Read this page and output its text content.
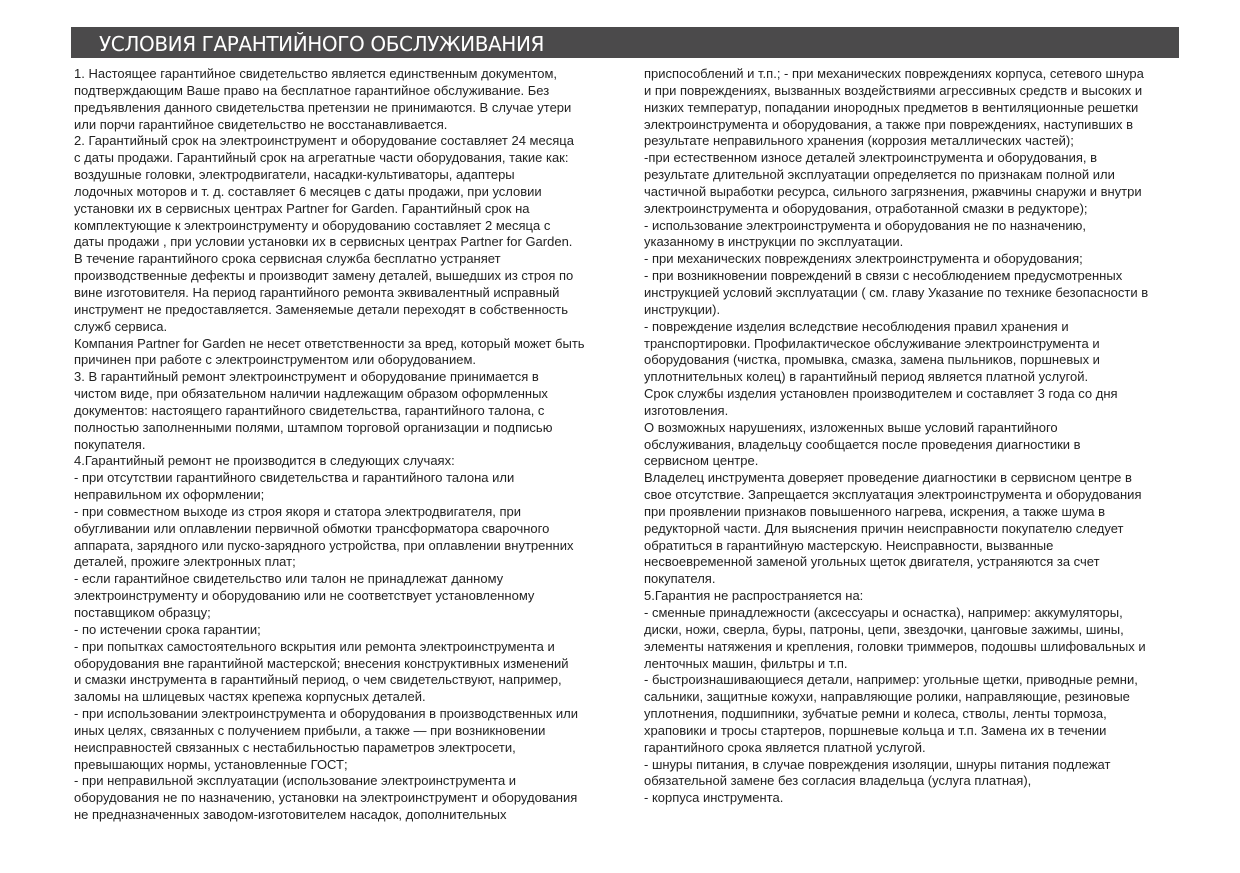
УСЛОВИЯ ГАРАНТИЙНОГО ОБСЛУЖИВАНИЯ
1. Настоящее гарантийное свидетельство является единственным документом,
подтверждающим Ваше право на бесплатное гарантийное обслуживание. Без
предъявления данного свидетельства претензии не принимаются. В случае утери
или порчи гарантийное свидетельство не восстанавливается.
2. Гарантийный срок на электроинструмент и оборудование составляет 24 месяца
с даты продажи. Гарантийный срок на агрегатные части оборудования, такие как:
воздушные головки, электродвигатели, насадки-культиваторы, адаптеры
лодочных моторов и т. д. составляет 6 месяцев с даты продажи, при условии
установки их в сервисных центрах Partner for Garden. Гарантийный срок на
комплектующие к электроинструменту и оборудованию составляет 2 месяца с
даты продажи , при условии установки их в сервисных центрах Partner for Garden.
В течение гарантийного срока сервисная служба бесплатно устраняет
производственные дефекты и производит замену деталей, вышедших из строя по
вине изготовителя. На период гарантийного ремонта эквивалентный исправный
инструмент не предоставляется. Заменяемые детали переходят в собственность
служб сервиса.
Компания Partner for Garden не несет ответственности за вред, который может быть
причинен при работе с электроинструментом или оборудованием.
3. В гарантийный ремонт электроинструмент и оборудование принимается в
чистом виде, при обязательном наличии надлежащим образом оформленных
документов: настоящего гарантийного свидетельства, гарантийного талона, с
полностью заполненными полями, штампом торговой организации и подписью
покупателя.
4.Гарантийный ремонт не производится в следующих случаях:
- при отсутствии гарантийного свидетельства и гарантийного талона или
неправильном их оформлении;
- при совместном выходе из строя якоря и статора электродвигателя, при
обугливании или оплавлении первичной обмотки трансформатора сварочного
аппарата, зарядного или пуско-зарядного устройства, при оплавлении внутренних
деталей, прожиге электронных плат;
- если гарантийное свидетельство или талон не принадлежат данному
электроинструменту и оборудованию или не соответствует установленному
поставщиком образцу;
- по истечении срока гарантии;
- при попытках самостоятельного вскрытия или ремонта электроинструмента и
оборудования вне гарантийной мастерской; внесения конструктивных изменений
и смазки инструмента в гарантийный период, о чем свидетельствуют, например,
заломы на шлицевых частях крепежа корпусных деталей.
- при использовании электроинструмента и оборудования в производственных или
иных целях, связанных с получением прибыли, а также — при возникновении
неисправностей связанных с нестабильностью параметров электросети,
превышающих нормы, установленные ГОСТ;
- при неправильной эксплуатации (использование электроинструмента и
оборудования не по назначению, установки на электроинструмент и оборудования
не предназначенных заводом-изготовителем насадок, дополнительных
приспособлений и т.п.; - при механических повреждениях корпуса, сетевого шнура
и при повреждениях, вызванных воздействиями агрессивных средств и высоких и
низких температур, попадании инородных предметов в вентиляционные решетки
электроинструмента и оборудования, а также при повреждениях, наступивших в
результате неправильного хранения (коррозия металлических частей);
-при естественном износе деталей электроинструмента и оборудования, в
результате длительной эксплуатации определяется по признакам полной или
частичной выработки ресурса, сильного загрязнения, ржавчины снаружи и внутри
электроинструмента и оборудования, отработанной смазки в редукторе);
- использование электроинструмента и оборудования не по назначению,
указанному в инструкции по эксплуатации.
- при механических повреждениях электроинструмента и оборудования;
- при возникновении повреждений в связи с несоблюдением предусмотренных
инструкцией условий эксплуатации ( см. главу Указание по технике безопасности в
инструкции).
- повреждение изделия вследствие несоблюдения правил хранения и
транспортировки. Профилактическое обслуживание электроинструмента и
оборудования (чистка, промывка, смазка, замена пыльников, поршневых и
уплотнительных колец) в гарантийный период является платной услугой.
Срок службы изделия установлен производителем и составляет 3 года со дня
изготовления.
О возможных нарушениях, изложенных выше условий гарантийного
обслуживания, владельцу сообщается после проведения диагностики в
сервисном центре.
Владелец инструмента доверяет проведение диагностики в сервисном центре в
свое отсутствие. Запрещается эксплуатация электроинструмента и оборудования
при проявлении признаков повышенного нагрева, искрения, а также шума в
редукторной части. Для выяснения причин неисправности покупателю следует
обратиться в гарантийную мастерскую. Неисправности, вызванные
несвоевременной заменой угольных щеток двигателя, устраняются за счет
покупателя.
5.Гарантия не распространяется на:
- сменные принадлежности (аксессуары и оснастка), например: аккумуляторы,
диски, ножи, сверла, буры, патроны, цепи, звездочки, цанговые зажимы, шины,
элементы натяжения и крепления, головки триммеров, подошвы шлифовальных и
ленточных машин, фильтры и т.п.
- быстроизнашивающиеся детали, например: угольные щетки, приводные ремни,
сальники, защитные кожухи, направляющие ролики, направляющие, резиновые
уплотнения, подшипники, зубчатые ремни и колеса, стволы, ленты тормоза,
храповики и тросы стартеров, поршневые кольца и т.п. Замена их в течении
гарантийного срока является платной услугой.
- шнуры питания, в случае повреждения изоляции, шнуры питания подлежат
обязательной замене без согласия владельца (услуга платная),
- корпуса инструмента.
